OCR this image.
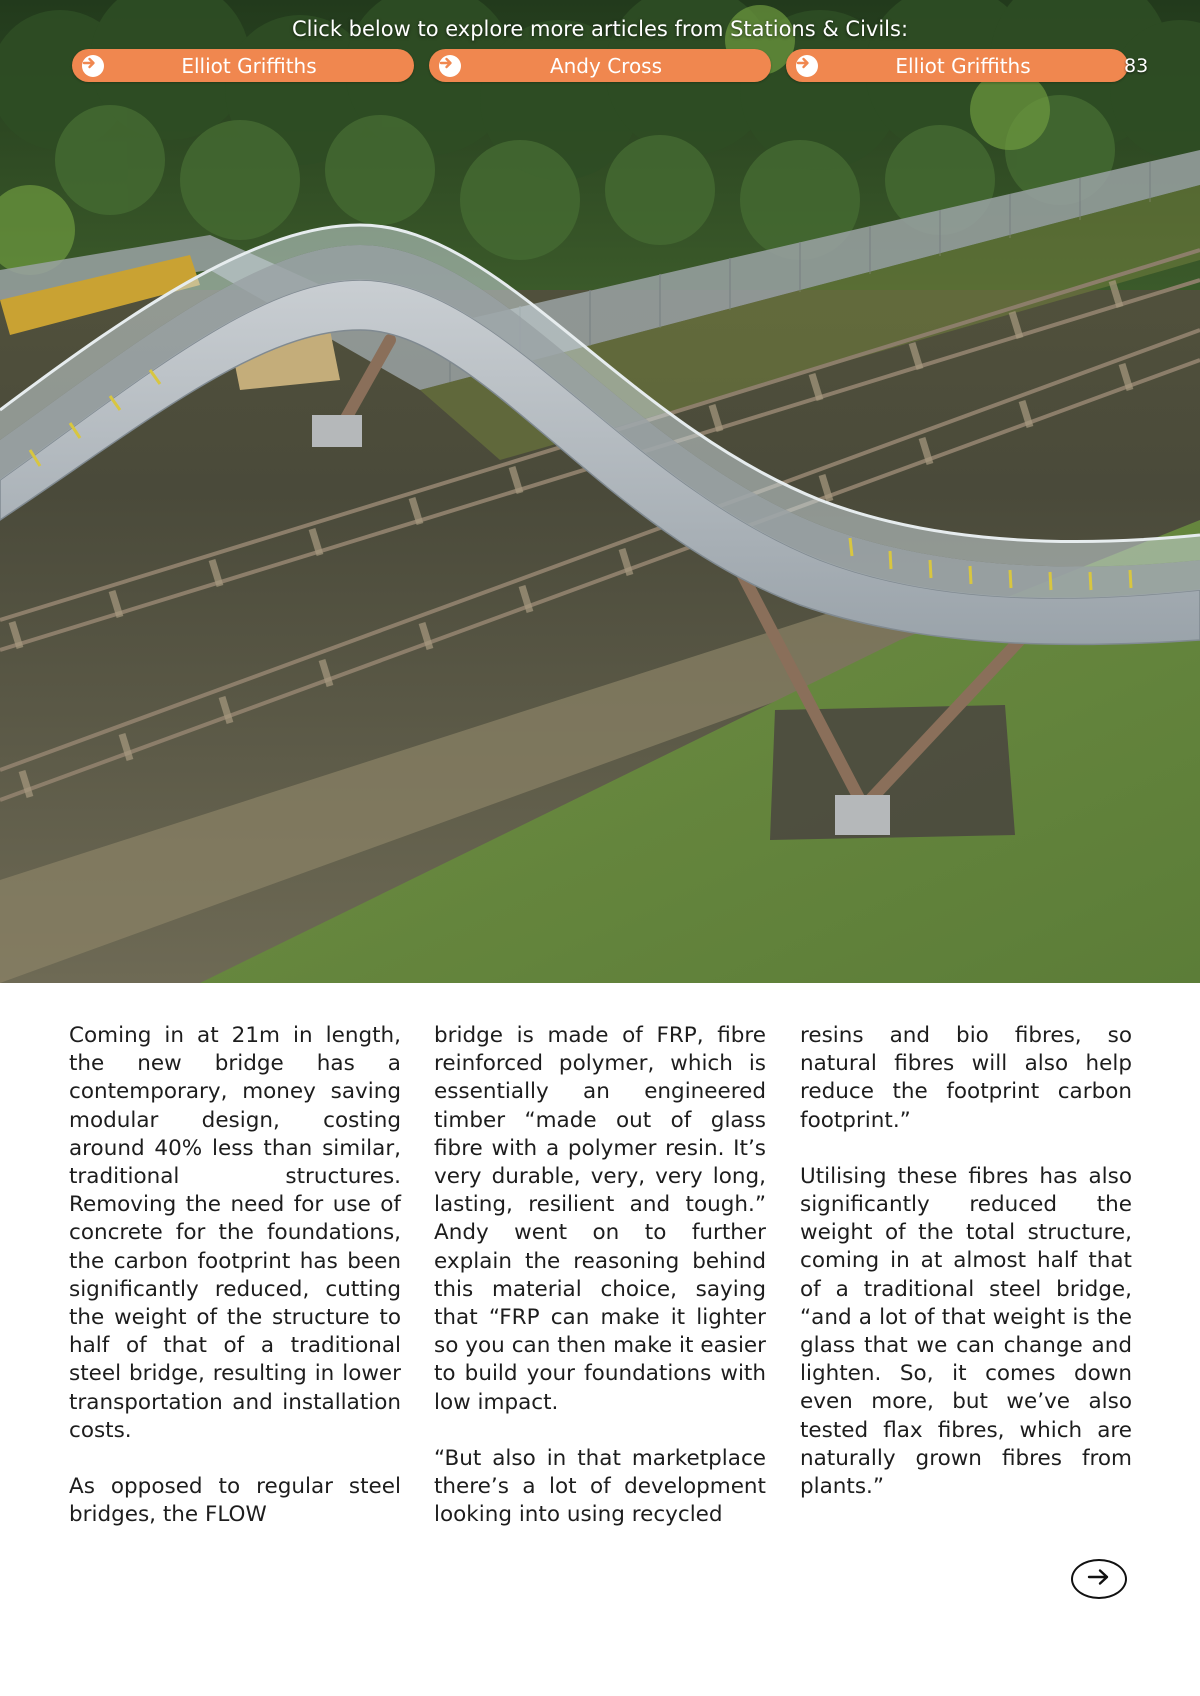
Click below to explore more articles from Stations & Civils:
Elliot Griffiths	Andy Cross	Elliot Griffiths	83

Coming in at 21m in length, the new bridge has a contemporary, money saving modular design, costing around 40% less than similar, traditional structures. Removing the need for use of concrete for the foundations, the carbon footprint has been significantly reduced, cutting the weight of the structure to half of that of a traditional steel bridge, resulting in lower transportation and installation costs.

As opposed to regular steel bridges, the FLOW

bridge is made of FRP, fibre reinforced polymer, which is essentially an engineered timber “made out of glass fibre with a polymer resin. It’s very durable, very, very long, lasting, resilient and tough.” Andy went on to further explain the reasoning behind this material choice, saying that “FRP can make it lighter so you can then make it easier to build your foundations with low impact.

“But also in that marketplace there’s a lot of development looking into using recycled

resins and bio fibres, so natural fibres will also help reduce the footprint carbon footprint.”

Utilising these fibres has also significantly reduced the weight of the total structure, coming in at almost half that of a traditional steel bridge, “and a lot of that weight is the glass that we can change and lighten. So, it comes down even more, but we’ve also tested flax fibres, which are naturally grown fibres from plants.”
